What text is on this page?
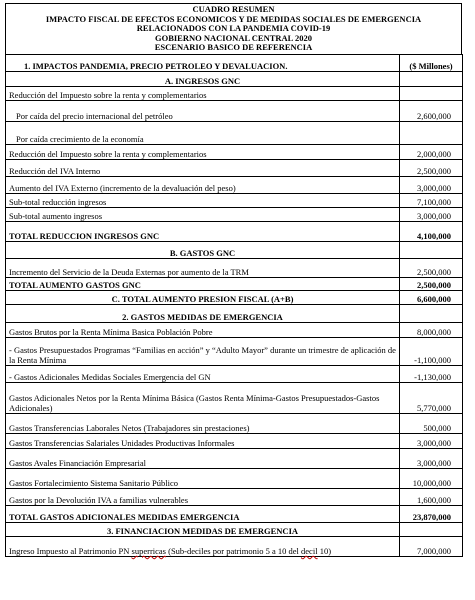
CUADRO RESUMEN
IMPACTO FISCAL DE EFECTOS ECONOMICOS Y DE MEDIDAS SOCIALES DE EMERGENCIA
RELACIONADOS CON LA PANDEMIA COVID-19
GOBIERNO NACIONAL CENTRAL 2020
ESCENARIO BASICO DE REFERENCIA
1. IMPACTOS PANDEMIA, PRECIO PETROLEO Y DEVALUACION.	($ Millones)
A. INGRESOS GNC	
Reducción del Impuesto sobre la renta y complementarios	
Por caída del precio internacional del petróleo	2,600,000
Por caída crecimiento de la economía	
Reducción del Impuesto sobre la renta y complementarios	2,000,000
Reducción del IVA Interno	2,500,000
Aumento del IVA Externo (incremento de la devaluación del peso)	3,000,000
Sub-total reducción ingresos	7,100,000
Sub-total aumento ingresos	3,000,000
TOTAL REDUCCION INGRESOS GNC	4,100,000
B. GASTOS GNC	
Incremento del Servicio de la Deuda Externas por aumento de la TRM	2,500,000
TOTAL AUMENTO GASTOS GNC	2,500,000
C. TOTAL AUMENTO PRESION FISCAL (A+B)	6,600,000
2. GASTOS MEDIDAS DE EMERGENCIA	
Gastos Brutos por la Renta Mínima Basica Población Pobre	8,000,000
- Gastos Presupuestados Programas “Familias en acción” y “Adulto Mayor” durante un trimestre de aplicación de la Renta Mínima	-1,100,000
- Gastos Adicionales Medidas Sociales Emergencia del GN	-1,130,000
Gastos Adicionales Netos por la Renta Mínima Básica (Gastos Renta Mínima-Gastos Presupuestados-Gastos Adicionales)	5,770,000
Gastos Transferencias Laborales Netos (Trabajadores sin prestaciones)	500,000
Gastos Transferencias Salariales Unidades Productivas Informales	3,000,000
Gastos Avales Financiación Empresarial	3,000,000
Gastos Fortalecimiento Sistema Sanitario Público	10,000,000
Gastos por la Devolución IVA a familias vulnerables	1,600,000
TOTAL GASTOS ADICIONALES MEDIDAS EMERGENCIA	23,870,000
3. FINANCIACION MEDIDAS DE EMERGENCIA	
Ingreso Impuesto al Patrimonio PN superricas (Sub-deciles por patrimonio 5 a 10 del decil 10)	7,000,000
